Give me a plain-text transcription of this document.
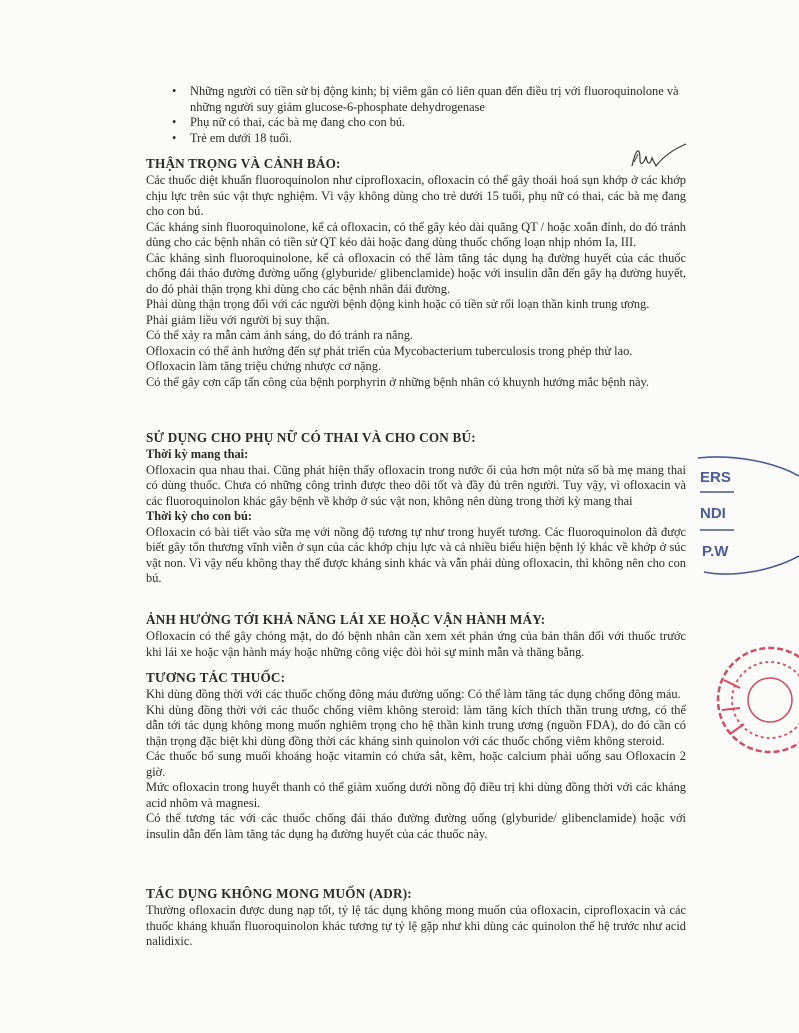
• Những người có tiền sử bị động kinh; bị viêm gân có liên quan đến điều trị với fluoroquinolone và những người suy giảm glucose-6-phosphate dehydrogenase
• Phụ nữ có thai, các bà mẹ đang cho con bú.
• Trẻ em dưới 18 tuổi.

THẬN TRỌNG VÀ CẢNH BÁO:

Các thuốc diệt khuẩn fluoroquinolon như ciprofloxacin, ofloxacin có thể gây thoái hoá sụn khớp ở các khớp chịu lực trên súc vật thực nghiệm. Vì vậy không dùng cho trẻ dưới 15 tuổi, phụ nữ có thai, các bà mẹ đang cho con bú.

Các kháng sinh fluoroquinolone, kể cả ofloxacin, có thể gây kéo dài quãng QT / hoặc xoắn đỉnh, do đó tránh dùng cho các bệnh nhân có tiền sử QT kéo dài hoặc đang dùng thuốc chống loạn nhịp nhóm Ia, III.

Các kháng sinh fluoroquinolone, kể cả ofloxacin có thể làm tăng tác dụng hạ đường huyết của các thuốc chống đái tháo đường đường uống (glyburide/ glibenclamide) hoặc với insulin dẫn đến gây hạ đường huyết, do đó phải thận trọng khi dùng cho các bệnh nhân đái đường.

Phải dùng thận trọng đối với các người bệnh động kinh hoặc có tiền sử rối loạn thần kinh trung ương.

Phải giảm liều với người bị suy thận.

Có thể xảy ra mẫn cảm ánh sáng, do đó tránh ra nắng.

Ofloxacin có thể ảnh hưởng đến sự phát triển của Mycobacterium tuberculosis trong phép thử lao.

Ofloxacin làm tăng triệu chứng nhược cơ nặng.

Có thể gây cơn cấp tấn công của bệnh porphyrin ở những bệnh nhân có khuynh hướng mắc bệnh này.

SỬ DỤNG CHO PHỤ NỮ CÓ THAI VÀ CHO CON BÚ:

Thời kỳ mang thai:

Ofloxacin qua nhau thai. Cũng phát hiện thấy ofloxacin trong nước ối của hơn một nửa số bà mẹ mang thai có dùng thuốc. Chưa có những công trình được theo dõi tốt và đầy đủ trên người. Tuy vậy, vì ofloxacin và các fluoroquinolon khác gây bệnh về khớp ở súc vật non, không nên dùng trong thời kỳ mang thai

Thời kỳ cho con bú:

Ofloxacin có bài tiết vào sữa mẹ với nồng độ tương tự như trong huyết tương. Các fluoroquinolon đã được biết gây tổn thương vĩnh viễn ở sụn của các khớp chịu lực và cả nhiều biểu hiện bệnh lý khác về khớp ở súc vật non. Vì vậy nếu không thay thế được kháng sinh khác và vẫn phải dùng ofloxacin, thì không nên cho con bú.

ẢNH HƯỞNG TỚI KHẢ NĂNG LÁI XE HOẶC VẬN HÀNH MÁY:

Ofloxacin có thể gây chóng mặt, do đó bệnh nhân cần xem xét phản ứng của bản thân đối với thuốc trước khi lái xe hoặc vận hành máy hoặc những công việc đòi hỏi sự minh mẫn và thăng bằng.

TƯƠNG TÁC THUỐC:

Khi dùng đồng thời với các thuốc chống đông máu đường uống: Có thể làm tăng tác dụng chống đông máu.

Khi dùng đồng thời với các thuốc chống viêm không steroid: làm tăng kích thích thần trung ương, có thể dẫn tới tác dụng không mong muốn nghiêm trọng cho hệ thần kinh trung ương (nguồn FDA), do đó cần có thận trọng đặc biệt khi dùng đồng thời các kháng sinh quinolon với các thuốc chống viêm không steroid.

Các thuốc bổ sung muối khoáng hoặc vitamin có chứa sắt, kẽm, hoặc calcium phải uống sau Ofloxacin 2 giờ.

Mức ofloxacin trong huyết thanh có thể giảm xuống dưới nồng độ điều trị khi dùng đồng thời với các kháng acid nhôm và magnesi.

Có thể tương tác với các thuốc chống đái tháo đường đường uống (glyburide/ glibenclamide) hoặc với insulin dẫn đến làm tăng tác dụng hạ đường huyết của các thuốc này.

TÁC DỤNG KHÔNG MONG MUỐN (ADR):

Thường ofloxacin được dung nạp tốt, tỷ lệ tác dụng không mong muốn của ofloxacin, ciprofloxacin và các thuốc kháng khuẩn fluoroquinolon khác tương tự tỷ lệ gặp như khi dùng các quinolon thế hệ trước như acid nalidixic.

ERS
NDI
P.W
